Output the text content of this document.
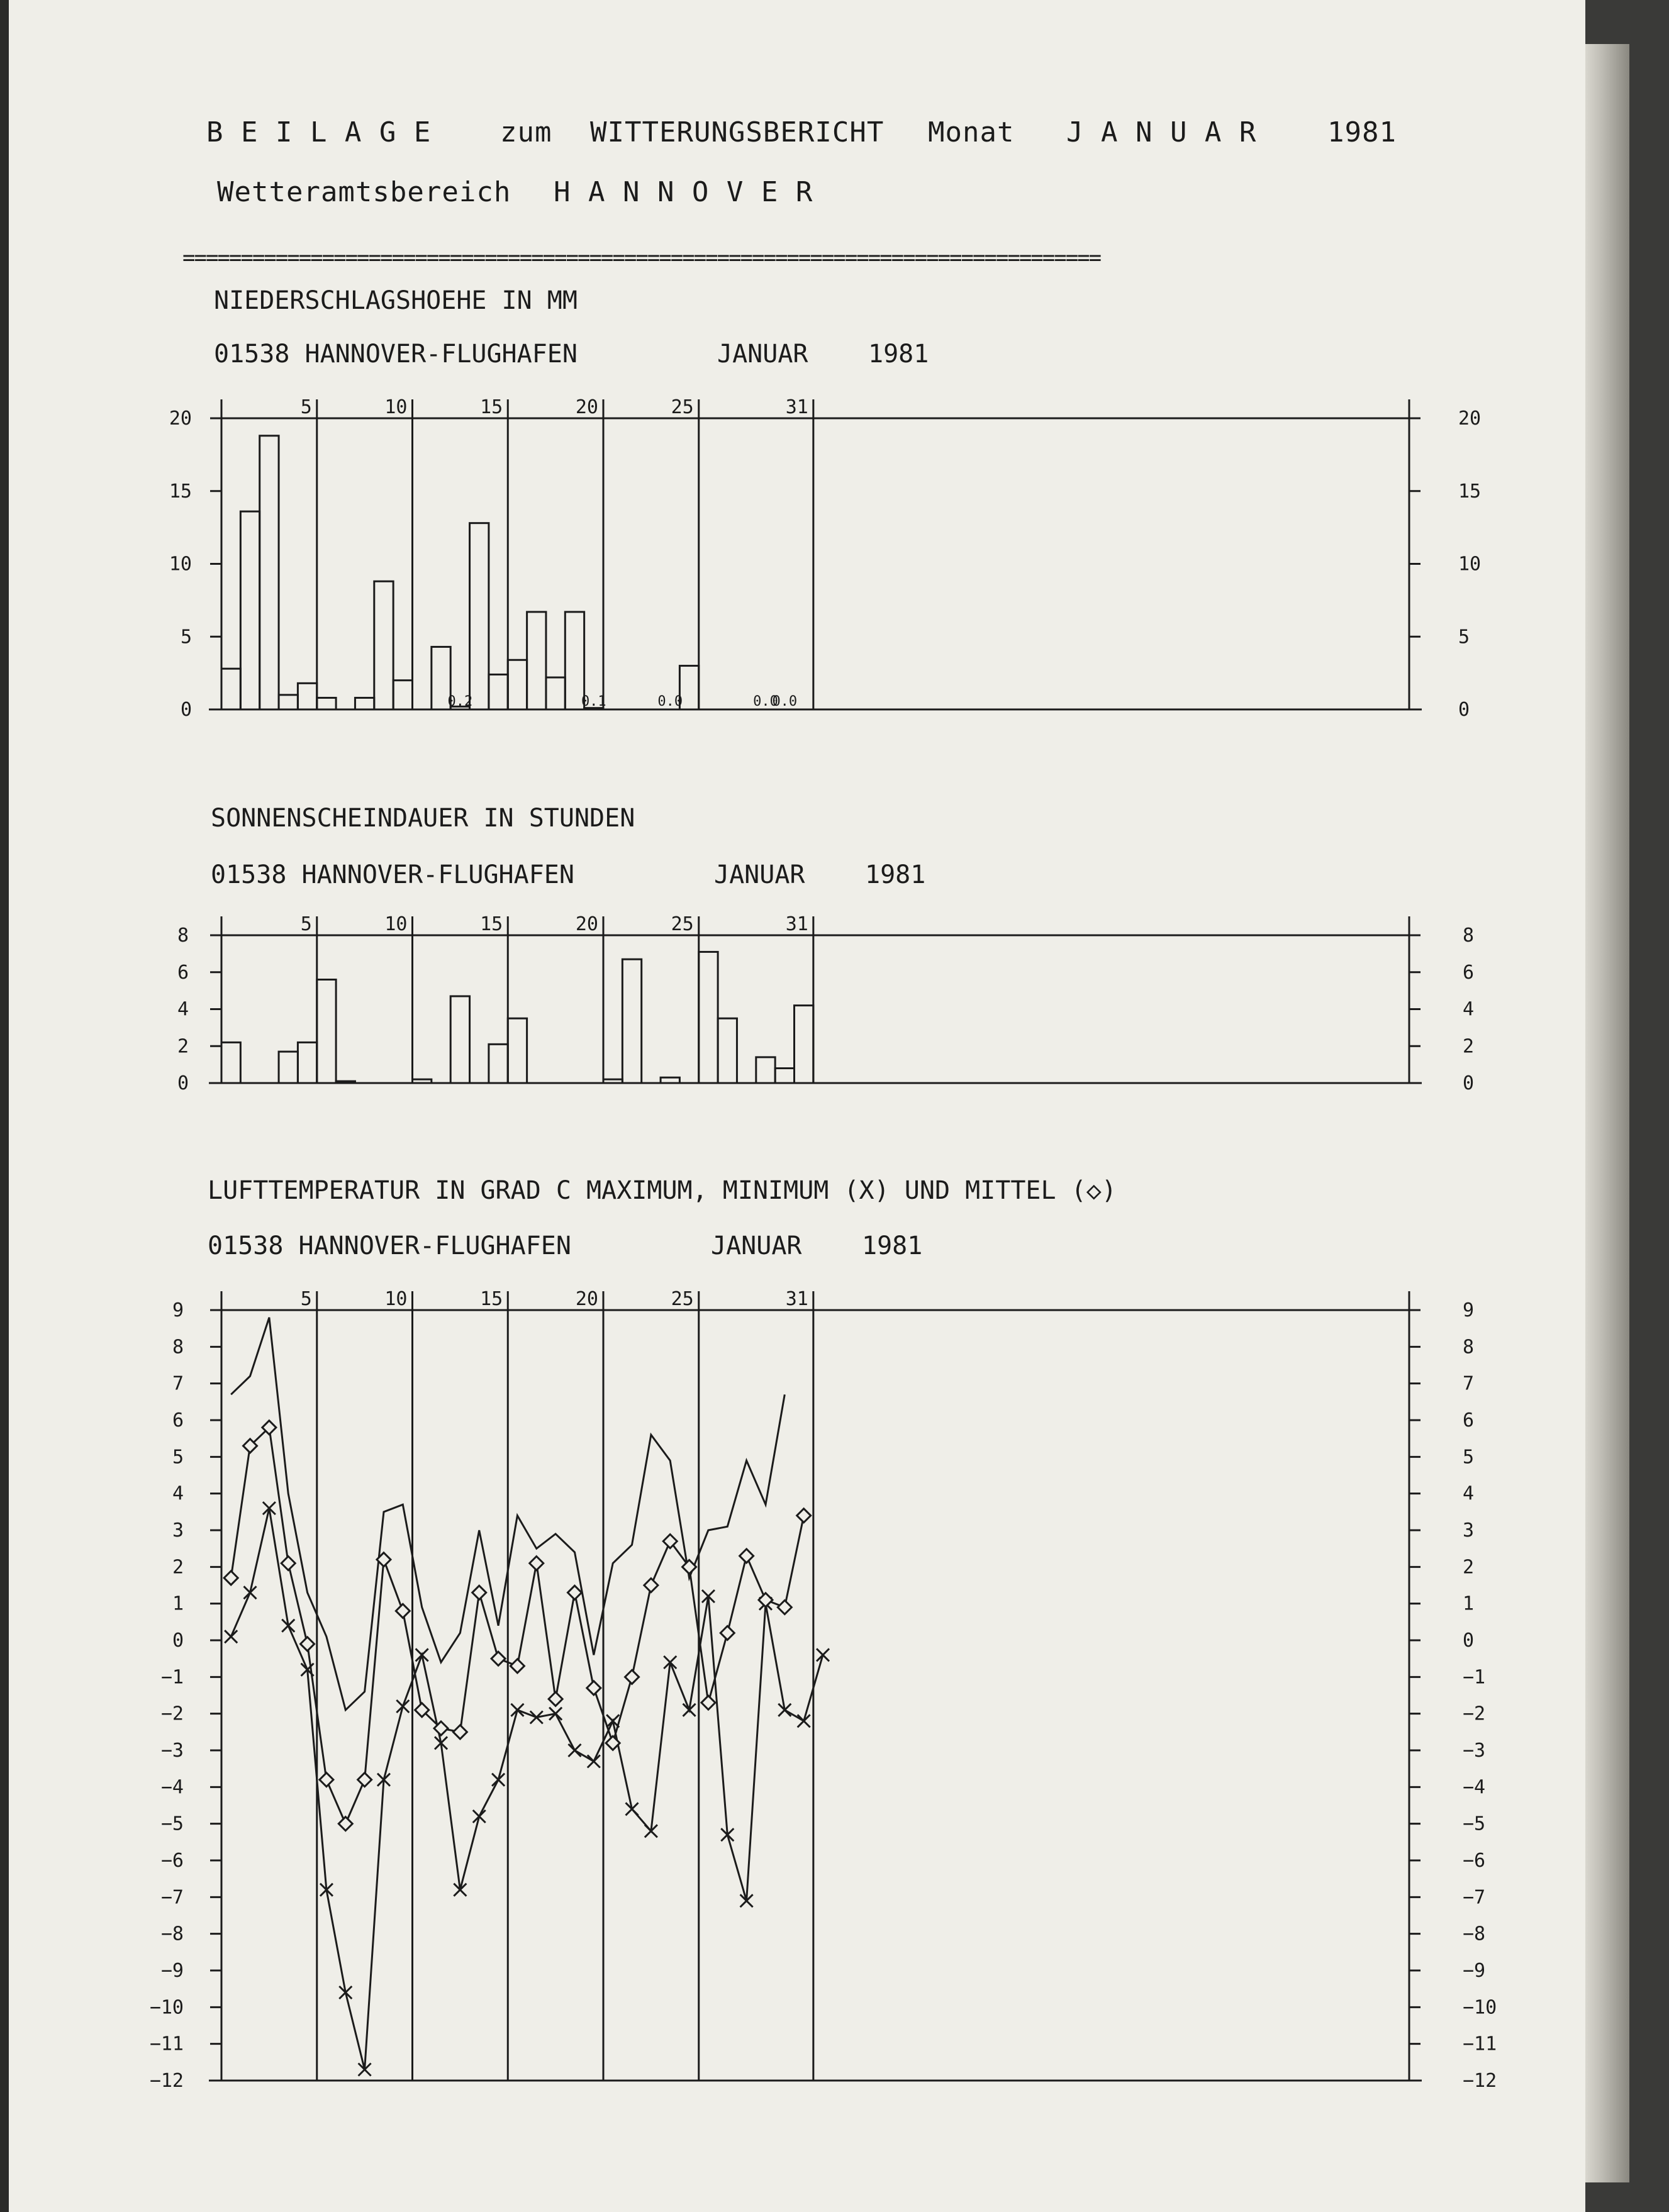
B E I L A G E zum WITTERUNGSBERICHT Monat J A N U A R	1981
Wetteramtsbereich H A N N O V E R
===============================================================================
NIEDERSCHLAGSHOEHE IN MM
01538 HANNOVER-FLUGHAFEN	JANUAR 1981
SONNENSCHEINDAUER IN STUNDEN
01538 HANNOVER-FLUGHAFEN	JANUAR 1981
LUFTTEMPERATUR IN GRAD C MAXIMUM, MINIMUM (X) UND MITTEL (◇)
01538 HANNOVER-FLUGHAFEN	JANUAR 1981
5	10	15	20	25	31
0	0
5	5
10	10
15	15
20	20
0.2	0.1	0.0	0.0
0.0
5	10	15	20	25	31
0	0
2	2
4	4
6	6
8	8
5	10	15	20	25	31
9	9
8	8
7	7
6	6
5	5
4	4
3	3
2	2
1	1
0	0
−1	−1
−2	−2
−3	−3
−4	−4
−5	−5
−6	−6
−7	−7
−8	−8
−9	−9
−10	−10
−11	−11
−12	−12
